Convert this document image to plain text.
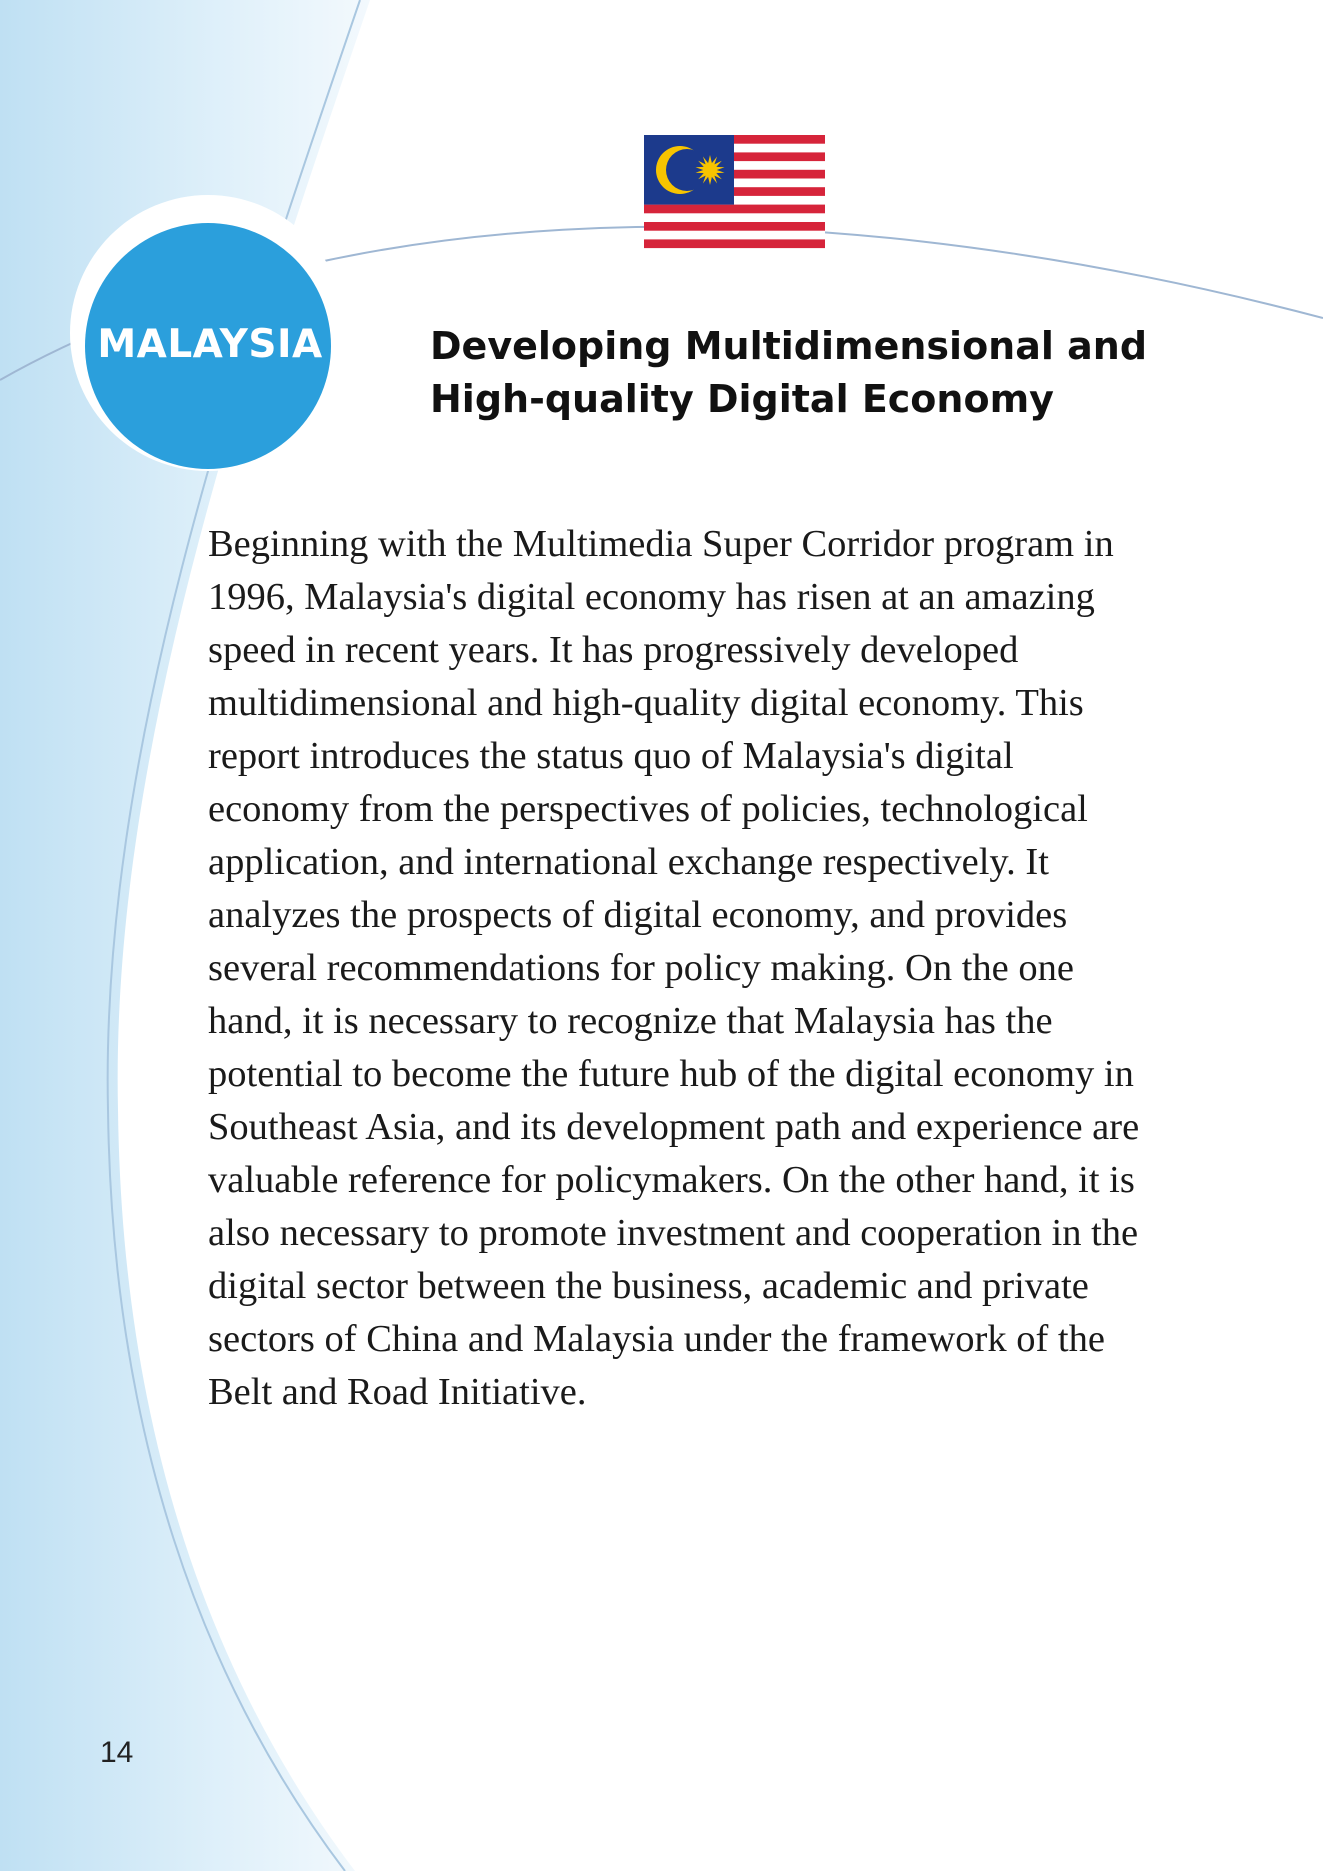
MALAYSIA	Developing Multidimensional and
High-quality Digital Economy

Beginning with the Multimedia Super Corridor program in
1996, Malaysia's digital economy has risen at an amazing
speed in recent years. It has progressively developed
multidimensional and high-quality digital economy. This
report introduces the status quo of Malaysia's digital
economy from the perspectives of policies, technological
application, and international exchange respectively. It
analyzes the prospects of digital economy, and provides
several recommendations for policy making. On the one
hand, it is necessary to recognize that Malaysia has the
potential to become the future hub of the digital economy in
Southeast Asia, and its development path and experience are
valuable reference for policymakers. On the other hand, it is
also necessary to promote investment and cooperation in the
digital sector between the business, academic and private
sectors of China and Malaysia under the framework of the
Belt and Road Initiative.

14
